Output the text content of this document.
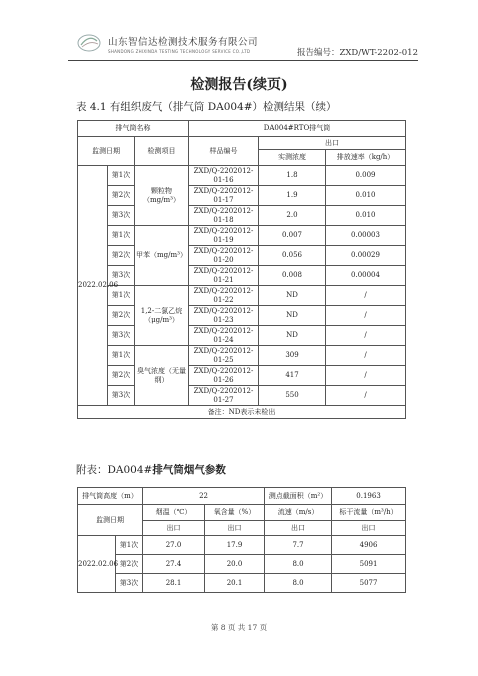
山东智信达检测技术服务有限公司
SHANDONG ZHIXINDA TESTING TECHNOLOGY SERVICE CO.,LTD	报告编号：ZXD/WT-2202-012
检测报告(续页)
表 4.1 有组织废气（排气筒 DA004#）检测结果（续）
排气筒名称			DA004#RTO排气筒		
监测日期		检测项目	样品编号	出口	
				实测浓度	排放速率（kg/h）
2022.02.06	第1次	颗粒物（mg/m³）	ZXD/Q-2202012-01-16	1.8	0.009
	第2次		ZXD/Q-2202012-01-17	1.9	0.010
	第3次		ZXD/Q-2202012-01-18	2.0	0.010
	第1次	甲苯（mg/m³）	ZXD/Q-2202012-01-19	0.007	0.00003
	第2次		ZXD/Q-2202012-01-20	0.056	0.00029
	第3次		ZXD/Q-2202012-01-21	0.008	0.00004
	第1次	1,2-二氯乙烷（μg/m³）	ZXD/Q-2202012-01-22	ND	/
	第2次		ZXD/Q-2202012-01-23	ND	/
	第3次		ZXD/Q-2202012-01-24	ND	/
	第1次	臭气浓度（无量纲）	ZXD/Q-2202012-01-25	309	/
	第2次		ZXD/Q-2202012-01-26	417	/
	第3次		ZXD/Q-2202012-01-27	550	/
备注：ND表示未检出					
附表：DA004#排气筒烟气参数
排气筒高度（m）		22		测点截面积（m²）	0.1963
监测日期		烟温（℃）	氧含量（%）	流速（m/s）	标干流量（m³/h）
		出口	出口	出口	出口
2022.02.06	第1次	27.0	17.9	7.7	4906
	第2次	27.4	20.0	8.0	5091
	第3次	28.1	20.1	8.0	5077
第 8 页 共 17 页
